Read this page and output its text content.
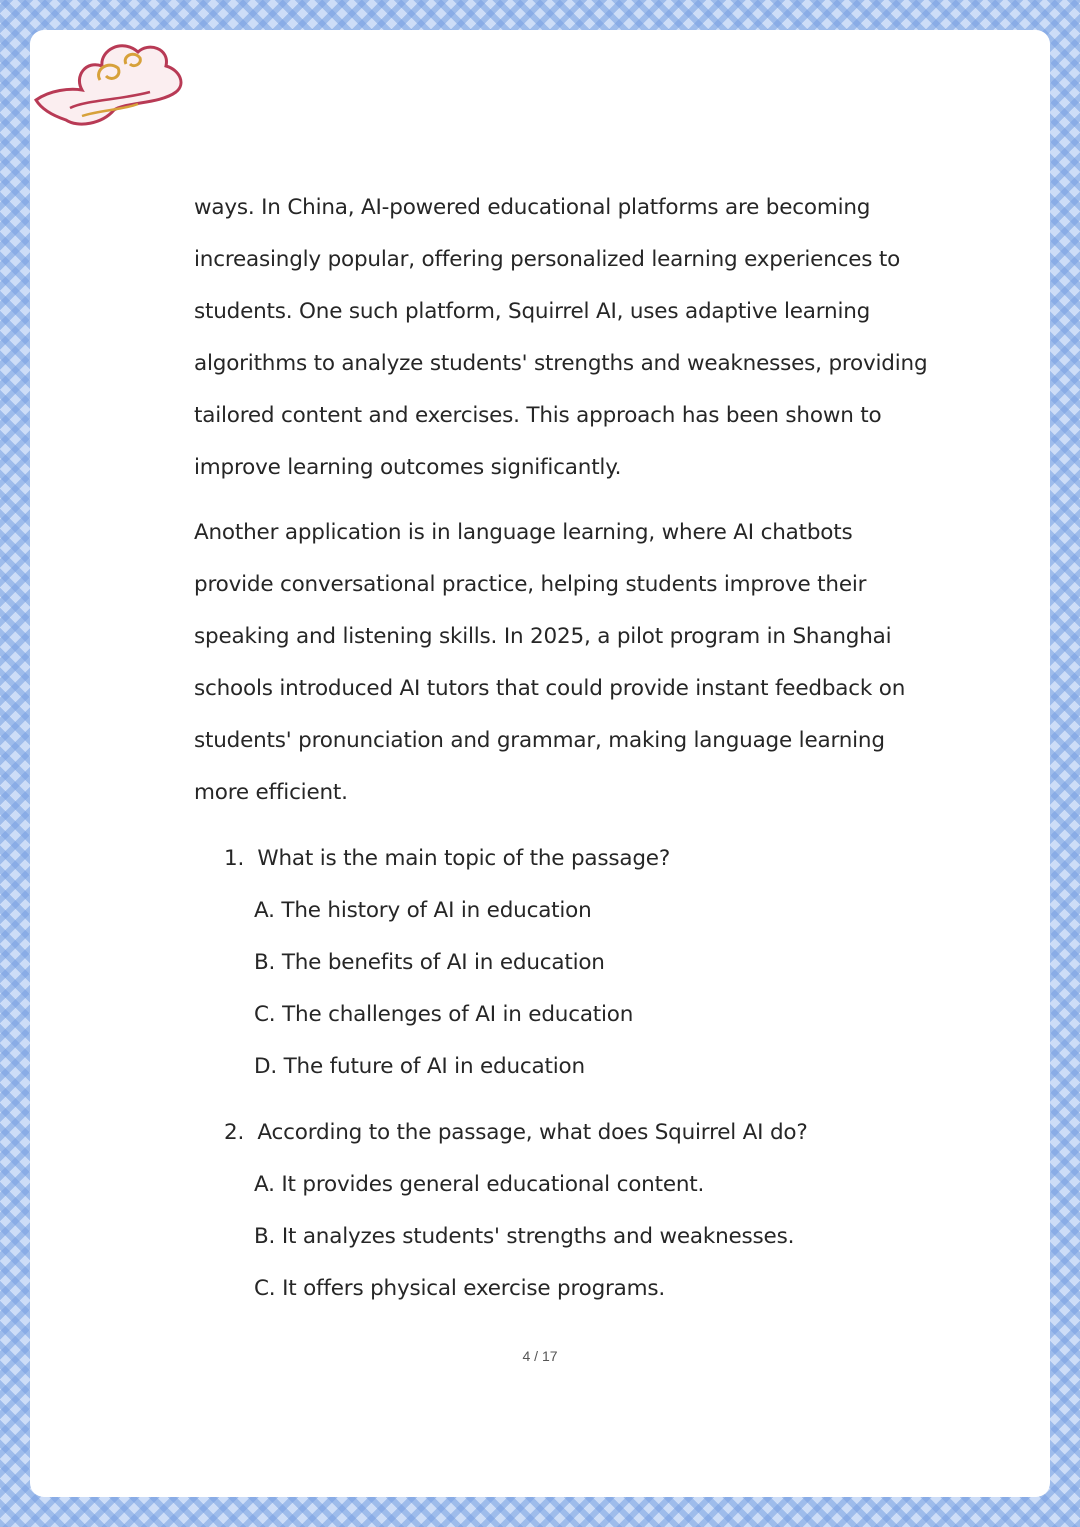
ways. In China, AI-powered educational platforms are becoming
increasingly popular, offering personalized learning experiences to
students. One such platform, Squirrel AI, uses adaptive learning
algorithms to analyze students' strengths and weaknesses, providing
tailored content and exercises. This approach has been shown to
improve learning outcomes significantly.
Another application is in language learning, where AI chatbots
provide conversational practice, helping students improve their
speaking and listening skills. In 2025, a pilot program in Shanghai
schools introduced AI tutors that could provide instant feedback on
students' pronunciation and grammar, making language learning
more efficient.
1. What is the main topic of the passage?
A. The history of AI in education
B. The benefits of AI in education
C. The challenges of AI in education
D. The future of AI in education
2. According to the passage, what does Squirrel AI do?
A. It provides general educational content.
B. It analyzes students' strengths and weaknesses.
C. It offers physical exercise programs.
4 / 17
